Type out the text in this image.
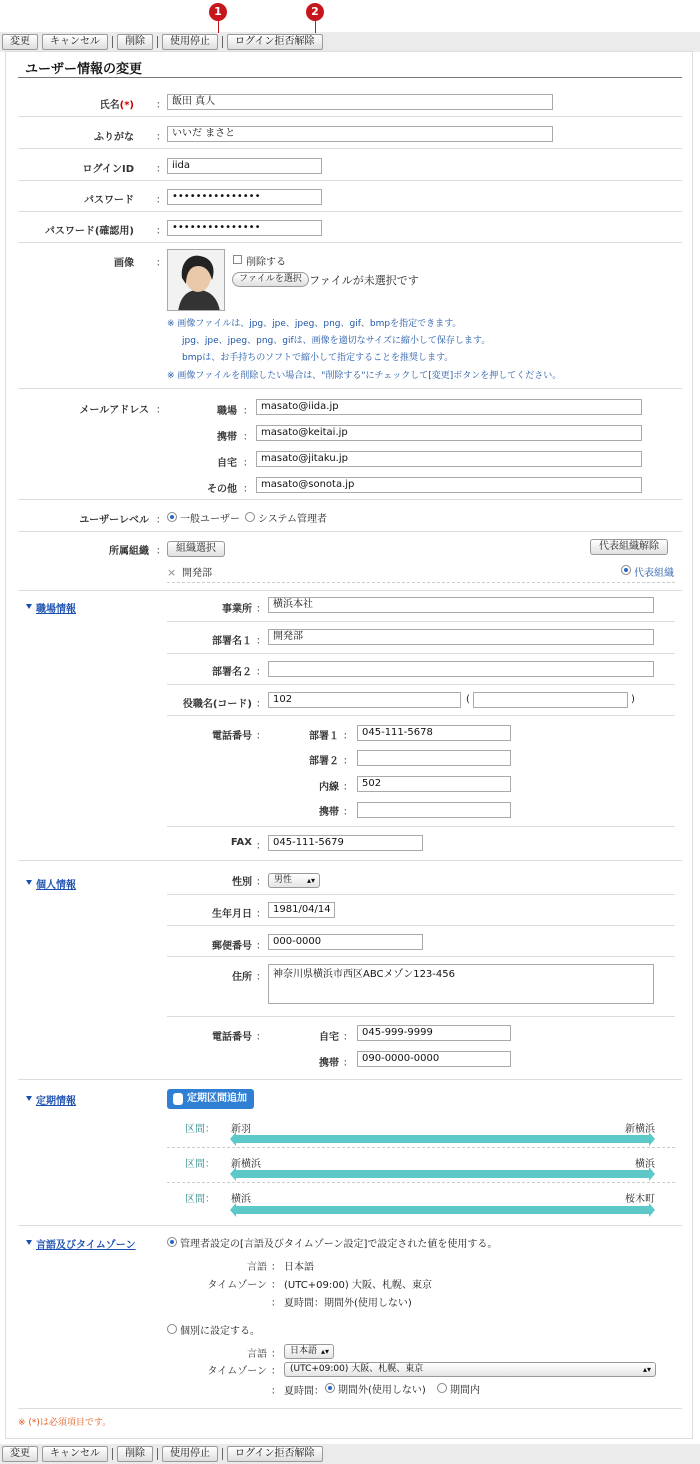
変更	キャンセル	削除	使用停止	ログイン拒否解除
1	2
ユーザー情報の変更
氏名(*) ： 飯田 真人
ふりがな ： いいだ まさと
ログインID ： iida
パスワード ： •••••••••••••••
パスワード(確認用) ： •••••••••••••••
画像 ：	削除する
ファイルを選択 ファイルが未選択です
※ 画像ファイルは、jpg、jpe、jpeg、png、gif、bmpを指定できます。
jpg、jpe、jpeg、png、gifは、画像を適切なサイズに縮小して保存します。
bmpは、お手持ちのソフトで縮小して指定することを推奨します。
※ 画像ファイルを削除したい場合は、"削除する"にチェックして[変更]ボタンを押してください。
メールアドレス ：	職場 ： masato@iida.jp
携帯 ： masato@keitai.jp
自宅 ： masato@jitaku.jp
その他 ： masato@sonota.jp
ユーザーレベル ： 一般ユーザー システム管理者
所属組織 ：	組織選択	代表組織解除
× 開発部	代表組織
職場情報	事業所 ： 横浜本社
部署名１ ： 開発部
部署名２ ：
役職名(コード) ： 102	(	)
電話番号 ：	部署１ ： 045-111-5678
部署２ ：
内線 ： 502
携帯 ：
FAX ： 045-111-5679
個人情報	性別 ： 男性 ▴▾
生年月日 ： 1981/04/14
郵便番号 ： 000-0000
住所 ： 神奈川県横浜市西区ABCメゾン123-456
電話番号 ：	自宅 ： 045-999-9999
携帯 ： 090-0000-0000
定期情報	定期区間追加
区間： 新羽	新横浜
区間： 新横浜	横浜
区間： 横浜	桜木町
言語及びタイムゾーン	管理者設定の[言語及びタイムゾーン設定]で設定された値を使用する。
言語 ： 日本語
タイムゾーン ： (UTC+09:00) 大阪、札幌、東京
： 夏時間：期間外(使用しない)
個別に設定する。
言語 ：	日本語 ▴▾
タイムゾーン ：	(UTC+09:00) 大阪、札幌、東京	▴▾
： 夏時間： 期間外(使用しない) 期間内
※ (*)は必須項目です。
変更	キャンセル	削除	使用停止	ログイン拒否解除
